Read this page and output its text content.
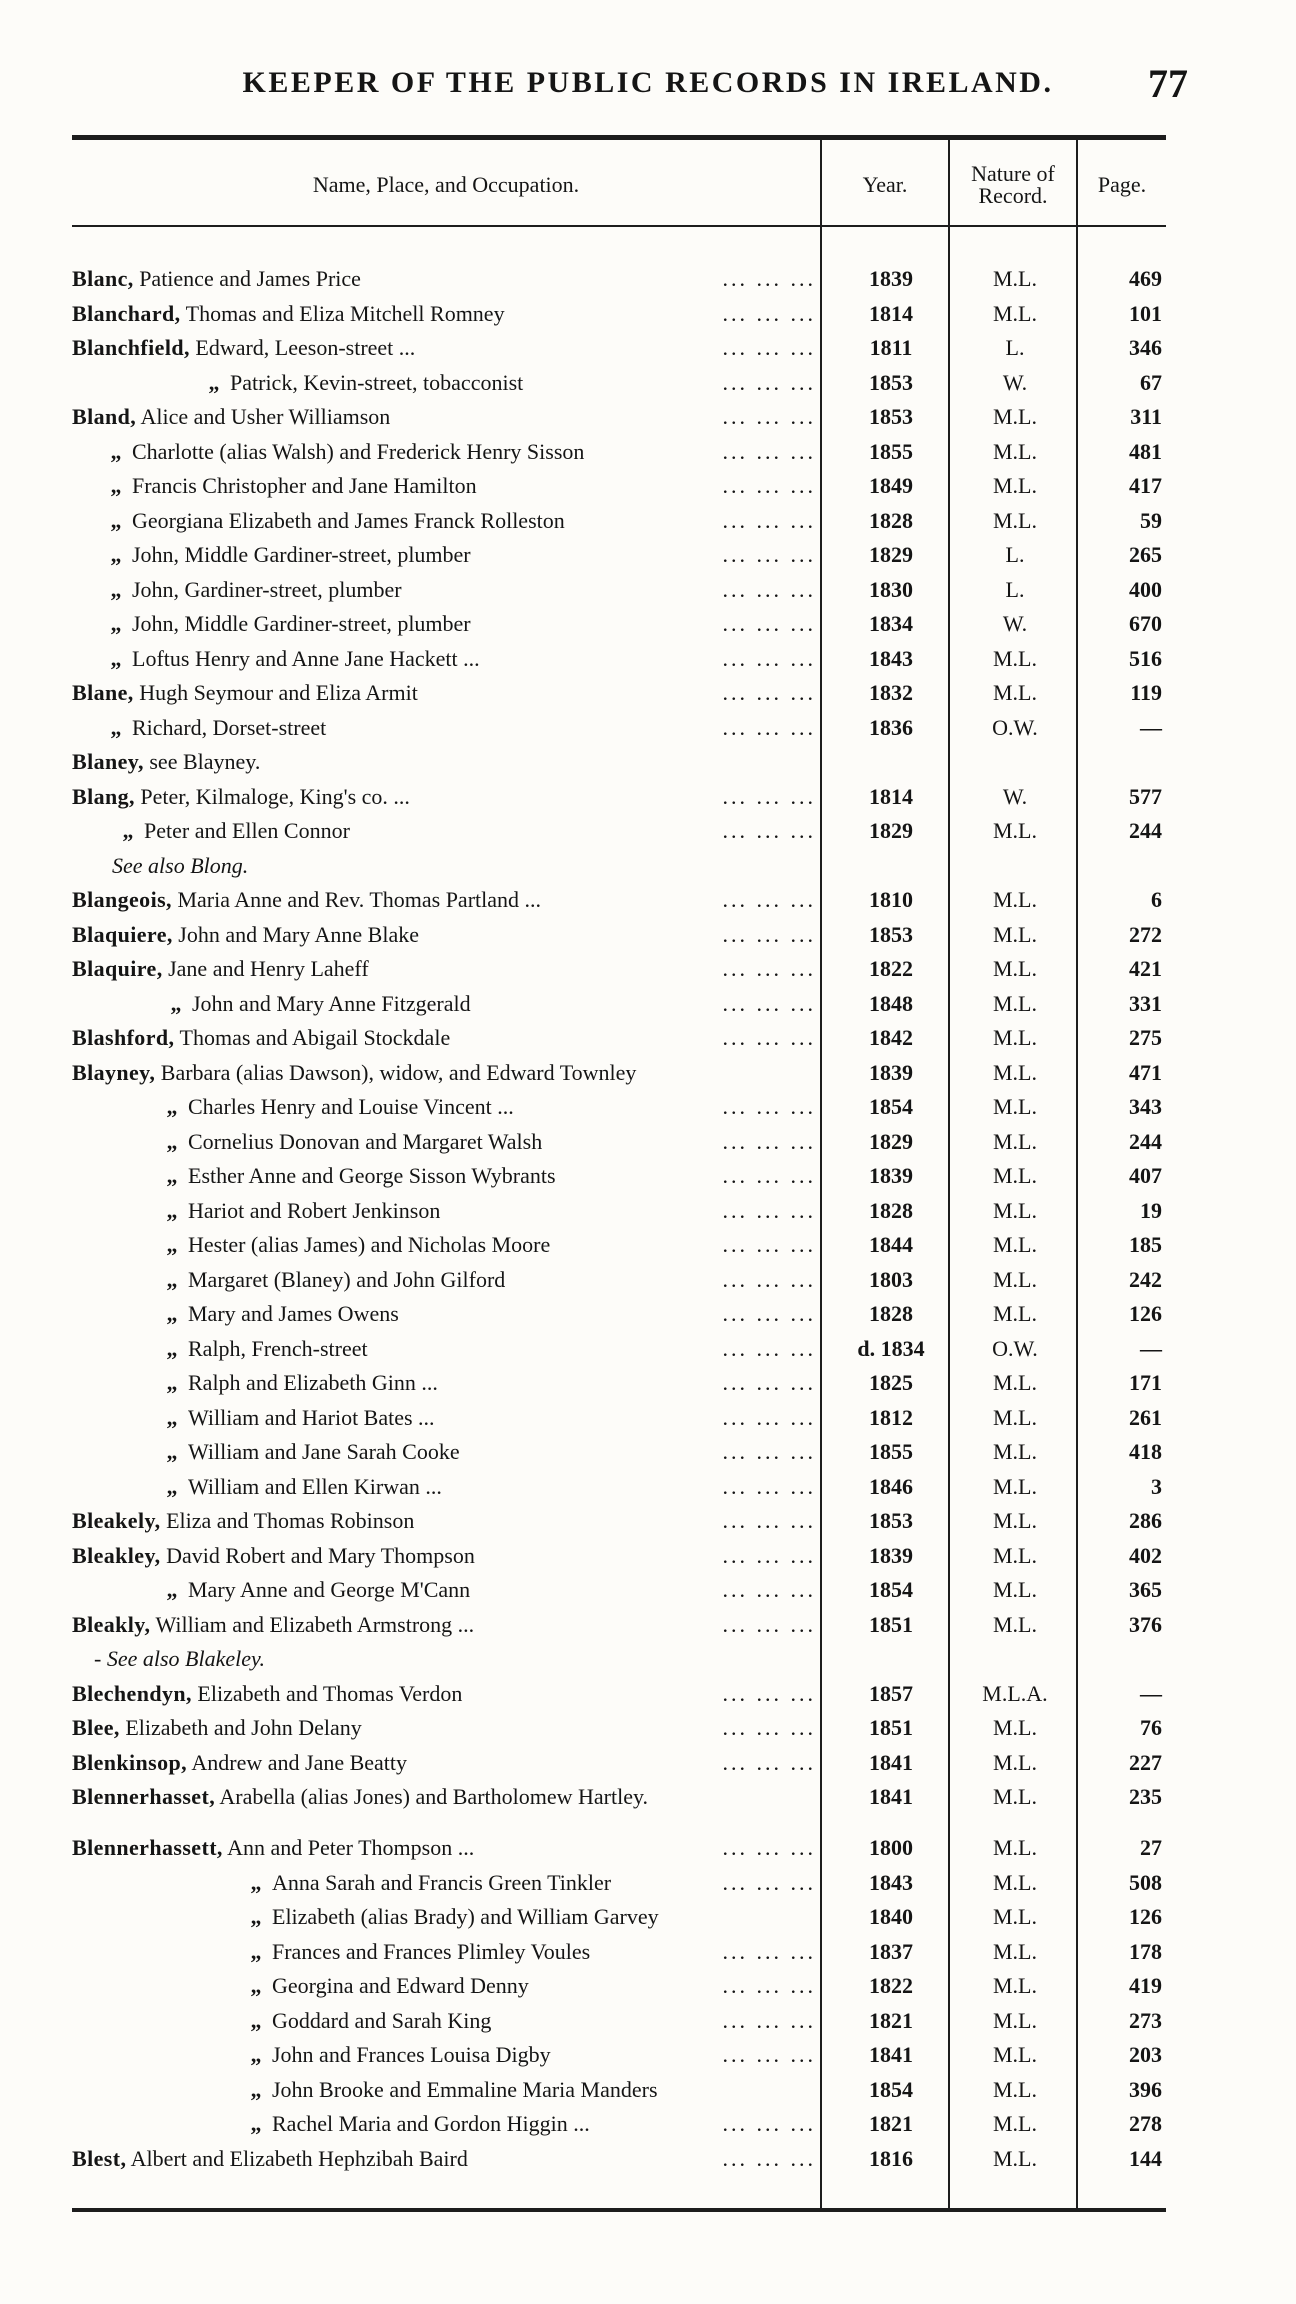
KEEPER OF THE PUBLIC RECORDS IN IRELAND.	77
Name, Place, and Occupation.	Year.	Nature of Record.	Page.
Blanc, Patience and James Price	... ... ...	1839	M.L.	469
Blanchard, Thomas and Eliza Mitchell Romney	... ... ...	1814	M.L.	101
Blanchfield, Edward, Leeson-street ...	... ... ...	1811	L.	346
„ Patrick, Kevin-street, tobacconist	... ... ...	1853	W.	67
Bland, Alice and Usher Williamson	... ... ...	1853	M.L.	311
„ Charlotte (alias Walsh) and Frederick Henry Sisson	... ... ...	1855	M.L.	481
„ Francis Christopher and Jane Hamilton	... ... ...	1849	M.L.	417
„ Georgiana Elizabeth and James Franck Rolleston	... ... ...	1828	M.L.	59
„ John, Middle Gardiner-street, plumber	... ... ...	1829	L.	265
„ John, Gardiner-street, plumber	... ... ...	1830	L.	400
„ John, Middle Gardiner-street, plumber	... ... ...	1834	W.	670
„ Loftus Henry and Anne Jane Hackett ...	... ... ...	1843	M.L.	516
Blane, Hugh Seymour and Eliza Armit	... ... ...	1832	M.L.	119
„ Richard, Dorset-street	... ... ...	1836	O.W.	—
Blaney, see Blayney.
Blang, Peter, Kilmaloge, King's co. ...	... ... ...	1814	W.	577
„ Peter and Ellen Connor	... ... ...	1829	M.L.	244
See also Blong.
Blangeois, Maria Anne and Rev. Thomas Partland ...	... ... ...	1810	M.L.	6
Blaquiere, John and Mary Anne Blake	... ... ...	1853	M.L.	272
Blaquire, Jane and Henry Laheff	... ... ...	1822	M.L.	421
„ John and Mary Anne Fitzgerald	... ... ...	1848	M.L.	331
Blashford, Thomas and Abigail Stockdale	... ... ...	1842	M.L.	275
Blayney, Barbara (alias Dawson), widow, and Edward Townley	1839	M.L.	471
„ Charles Henry and Louise Vincent ...	... ... ...	1854	M.L.	343
„ Cornelius Donovan and Margaret Walsh	... ... ...	1829	M.L.	244
„ Esther Anne and George Sisson Wybrants	... ... ...	1839	M.L.	407
„ Hariot and Robert Jenkinson	... ... ...	1828	M.L.	19
„ Hester (alias James) and Nicholas Moore	... ... ...	1844	M.L.	185
„ Margaret (Blaney) and John Gilford	... ... ...	1803	M.L.	242
„ Mary and James Owens	... ... ...	1828	M.L.	126
„ Ralph, French-street	... ... ...	d. 1834	O.W.	—
„ Ralph and Elizabeth Ginn ...	... ... ...	1825	M.L.	171
„ William and Hariot Bates ...	... ... ...	1812	M.L.	261
„ William and Jane Sarah Cooke	... ... ...	1855	M.L.	418
„ William and Ellen Kirwan ...	... ... ...	1846	M.L.	3
Bleakely, Eliza and Thomas Robinson	... ... ...	1853	M.L.	286
Bleakley, David Robert and Mary Thompson	... ... ...	1839	M.L.	402
„ Mary Anne and George M'Cann	... ... ...	1854	M.L.	365
Bleakly, William and Elizabeth Armstrong ...	... ... ...	1851	M.L.	376
- See also Blakeley.
Blechendyn, Elizabeth and Thomas Verdon	... ... ...	1857	M.L.A.	—
Blee, Elizabeth and John Delany	... ... ...	1851	M.L.	76
Blenkinsop, Andrew and Jane Beatty	... ... ...	1841	M.L.	227
Blennerhasset, Arabella (alias Jones) and Bartholomew Hartley.	1841	M.L.	235
Blennerhassett, Ann and Peter Thompson ...	... ... ...	1800	M.L.	27
„ Anna Sarah and Francis Green Tinkler	... ... ...	1843	M.L.	508
„ Elizabeth (alias Brady) and William Garvey	1840	M.L.	126
„ Frances and Frances Plimley Voules	... ... ...	1837	M.L.	178
„ Georgina and Edward Denny	... ... ...	1822	M.L.	419
„ Goddard and Sarah King	... ... ...	1821	M.L.	273
„ John and Frances Louisa Digby	... ... ...	1841	M.L.	203
„ John Brooke and Emmaline Maria Manders	1854	M.L.	396
„ Rachel Maria and Gordon Higgin ...	... ... ...	1821	M.L.	278
Blest, Albert and Elizabeth Hephzibah Baird	... ... ...	1816	M.L.	144
